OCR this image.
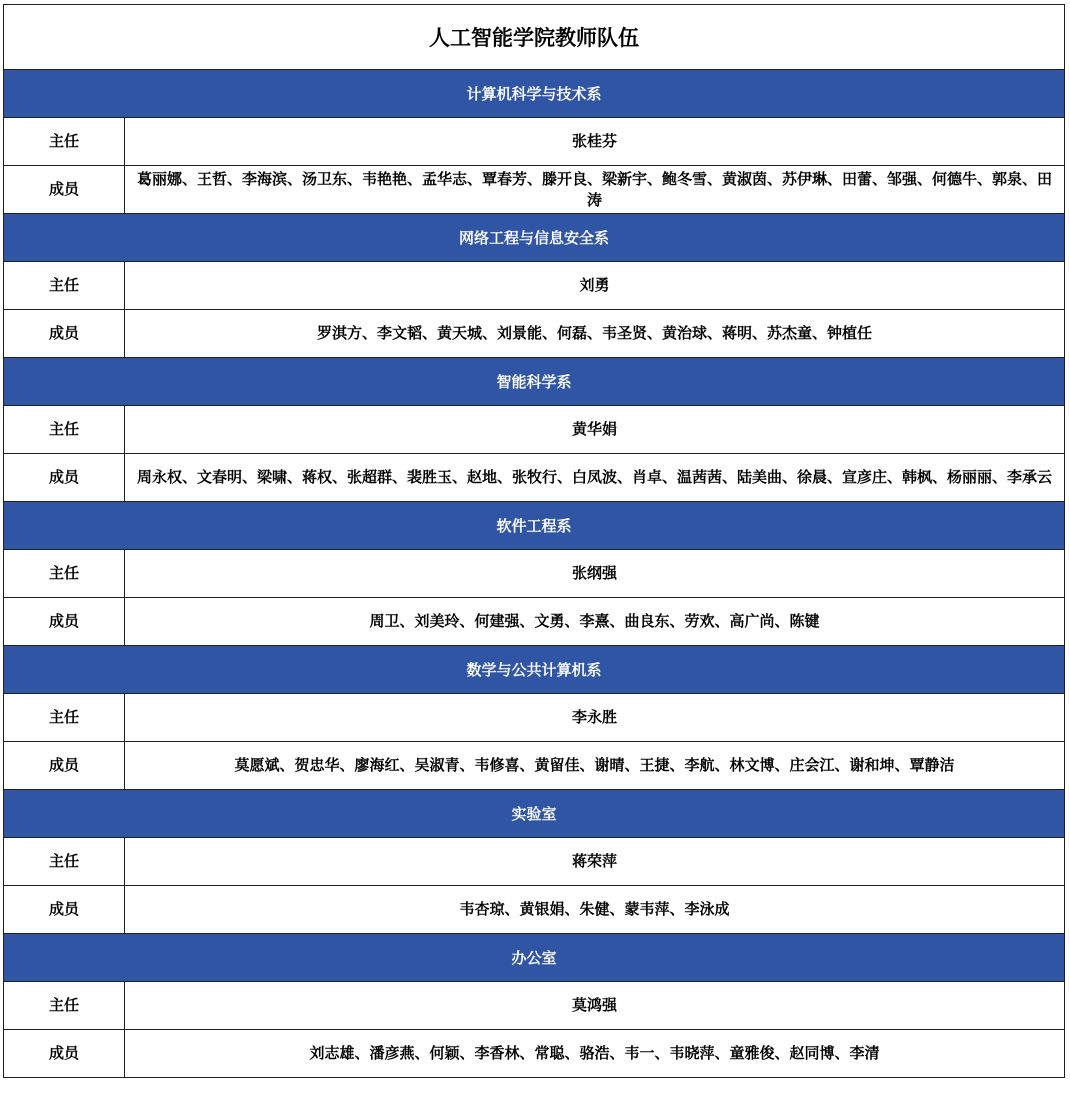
人工智能学院教师队伍	
计算机科学与技术系	
主任	张桂芬
成员	葛丽娜、王哲、李海滨、汤卫东、韦艳艳、孟华志、覃春芳、滕开良、梁新宇、鲍冬雪、黄淑茵、苏伊琳、田蕾、邹强、何德牛、郭泉、田涛
网络工程与信息安全系	
主任	刘勇
成员	罗淇方、李文韬、黄天城、刘景能、何磊、韦圣贤、黄治球、蒋明、苏杰童、钟植任
智能科学系	
主任	黄华娟
成员	周永权、文春明、梁啸、蒋权、张超群、裴胜玉、赵地、张牧行、白凤波、肖卓、温茜茜、陆美曲、徐晨、宣彦庄、韩枫、杨丽丽、李承云
软件工程系	
主任	张纲强
成员	周卫、刘美玲、何建强、文勇、李熹、曲良东、劳欢、高广尚、陈键
数学与公共计算机系	
主任	李永胜
成员	莫愿斌、贺忠华、廖海红、吴淑青、韦修喜、黄留佳、谢晴、王捷、李航、林文博、庄会江、谢和坤、覃静洁
实验室	
主任	蒋荣萍
成员	韦杏琼、黄银娟、朱健、蒙韦萍、李泳成
办公室	
主任	莫鸿强
成员	刘志雄、潘彦燕、何颖、李香林、常聪、骆浩、韦一、韦晓萍、童雅俊、赵同博、李清
